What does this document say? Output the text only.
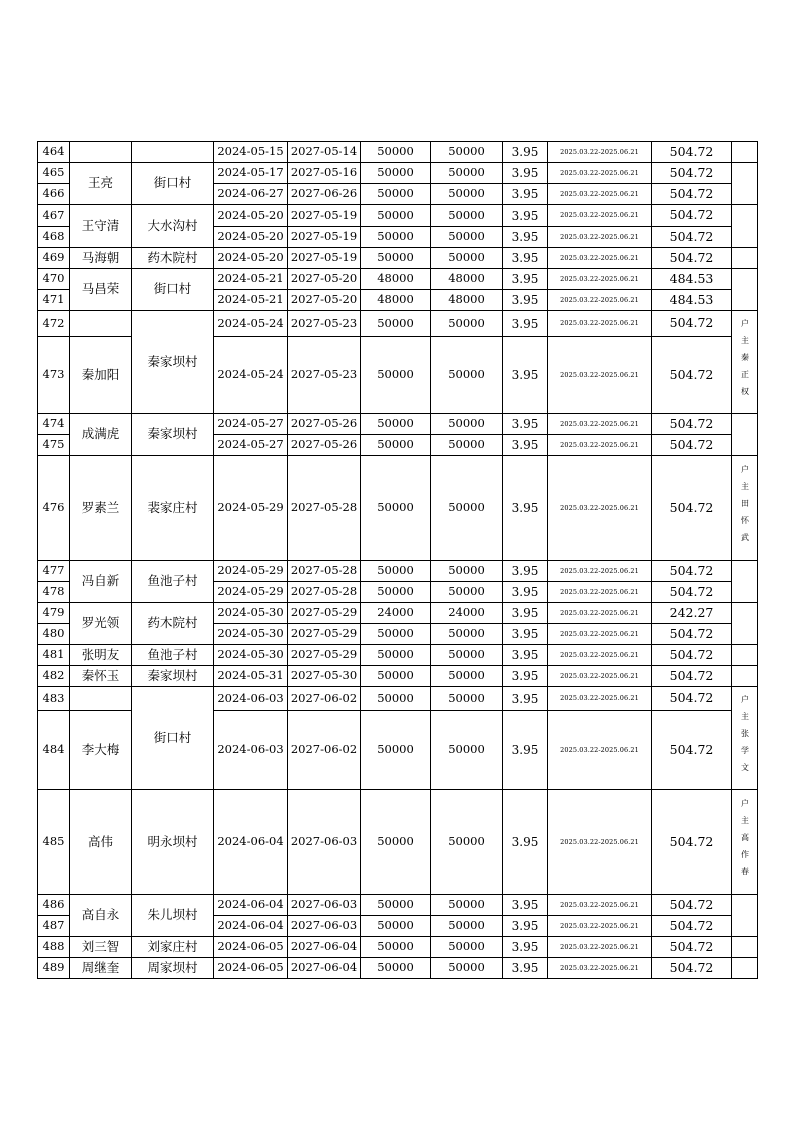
464			2024-05-15	2027-05-14	50000	50000	3.95	2025.03.22-2025.06.21	504.72	
465	王亮	街口村	2024-05-17	2027-05-16	50000	50000	3.95	2025.03.22-2025.06.21	504.72	
466			2024-06-27	2027-06-26	50000	50000	3.95	2025.03.22-2025.06.21	504.72	
467	王守清	大水沟村	2024-05-20	2027-05-19	50000	50000	3.95	2025.03.22-2025.06.21	504.72	
468			2024-05-20	2027-05-19	50000	50000	3.95	2025.03.22-2025.06.21	504.72	
469	马海朝	药木院村	2024-05-20	2027-05-19	50000	50000	3.95	2025.03.22-2025.06.21	504.72	
470	马昌荣	街口村	2024-05-21	2027-05-20	48000	48000	3.95	2025.03.22-2025.06.21	484.53	
471			2024-05-21	2027-05-20	48000	48000	3.95	2025.03.22-2025.06.21	484.53	
472		秦家坝村	2024-05-24	2027-05-23	50000	50000	3.95	2025.03.22-2025.06.21	504.72	户主秦正权
473	秦加阳		2024-05-24	2027-05-23	50000	50000	3.95	2025.03.22-2025.06.21	504.72	
474	成满虎	秦家坝村	2024-05-27	2027-05-26	50000	50000	3.95	2025.03.22-2025.06.21	504.72	
475			2024-05-27	2027-05-26	50000	50000	3.95	2025.03.22-2025.06.21	504.72	
476	罗素兰	裴家庄村	2024-05-29	2027-05-28	50000	50000	3.95	2025.03.22-2025.06.21	504.72	户主田怀武
477	冯自新	鱼池子村	2024-05-29	2027-05-28	50000	50000	3.95	2025.03.22-2025.06.21	504.72	
478			2024-05-29	2027-05-28	50000	50000	3.95	2025.03.22-2025.06.21	504.72	
479	罗光领	药木院村	2024-05-30	2027-05-29	24000	24000	3.95	2025.03.22-2025.06.21	242.27	
480			2024-05-30	2027-05-29	50000	50000	3.95	2025.03.22-2025.06.21	504.72	
481	张明友	鱼池子村	2024-05-30	2027-05-29	50000	50000	3.95	2025.03.22-2025.06.21	504.72	
482	秦怀玉	秦家坝村	2024-05-31	2027-05-30	50000	50000	3.95	2025.03.22-2025.06.21	504.72	
483		街口村	2024-06-03	2027-06-02	50000	50000	3.95	2025.03.22-2025.06.21	504.72	户主张学文
484	李大梅		2024-06-03	2027-06-02	50000	50000	3.95	2025.03.22-2025.06.21	504.72	
485	高伟	明永坝村	2024-06-04	2027-06-03	50000	50000	3.95	2025.03.22-2025.06.21	504.72	户主高作春
486	高自永	朱儿坝村	2024-06-04	2027-06-03	50000	50000	3.95	2025.03.22-2025.06.21	504.72	
487			2024-06-04	2027-06-03	50000	50000	3.95	2025.03.22-2025.06.21	504.72	
488	刘三智	刘家庄村	2024-06-05	2027-06-04	50000	50000	3.95	2025.03.22-2025.06.21	504.72	
489	周继奎	周家坝村	2024-06-05	2027-06-04	50000	50000	3.95	2025.03.22-2025.06.21	504.72	
